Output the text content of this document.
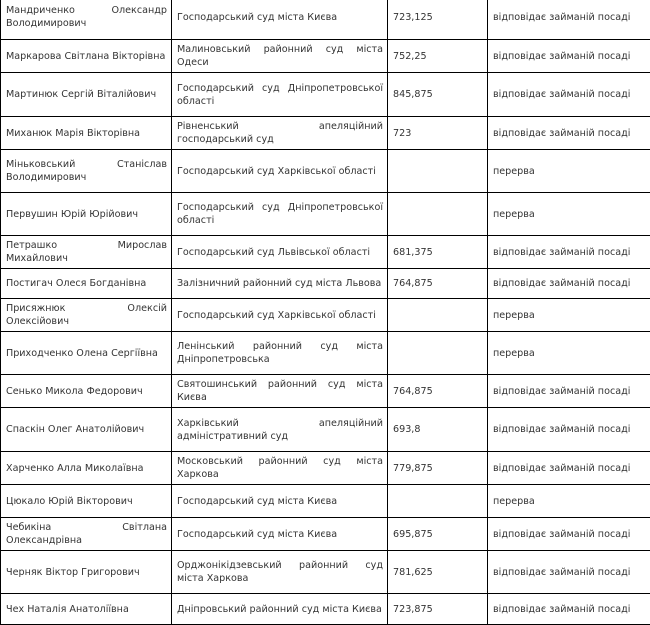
Мандриченко Олександр Володимирович	Господарський суд міста Києва	723,125	відповідає займаній посаді
Маркарова Світлана Вікторівна	Малиновський районний суд міста Одеси	752,25	відповідає займаній посаді
Мартинюк Сергій Віталійович	Господарський суд Дніпропетровської області	845,875	відповідає займаній посаді
Миханюк Марія Вікторівна	Рівненський апеляційний господарський суд	723	відповідає займаній посаді
Міньковський Станіслав Володимирович	Господарський суд Харківської області		перерва
Первушин Юрій Юрійович	Господарський суд Дніпропетровської області		перерва
Петрашко Мирослав Михайлович	Господарський суд Львівської області	681,375	відповідає займаній посаді
Постигач Олеся Богданівна	Залізничний районний суд міста Львова	764,875	відповідає займаній посаді
Присяжнюк Олексій Олексійович	Господарський суд Харківської області		перерва
Приходченко Олена Сергіївна	Ленінський районний суд міста Дніпропетровська		перерва
Сенько Микола Федорович	Святошинський районний суд міста Києва	764,875	відповідає займаній посаді
Спаскін Олег Анатолійович	Харківський апеляційний адміністративний суд	693,8	відповідає займаній посаді
Харченко Алла Миколаївна	Московський районний суд міста Харкова	779,875	відповідає займаній посаді
Цюкало Юрій Вікторович	Господарський суд міста Києва		перерва
Чебикіна Світлана Олександрівна	Господарський суд міста Києва	695,875	відповідає займаній посаді
Черняк Віктор Григорович	Орджонікідзевський районний суд міста Харкова	781,625	відповідає займаній посаді
Чех Наталія Анатоліївна	Дніпровський районний суд міста Києва	723,875	відповідає займаній посаді
